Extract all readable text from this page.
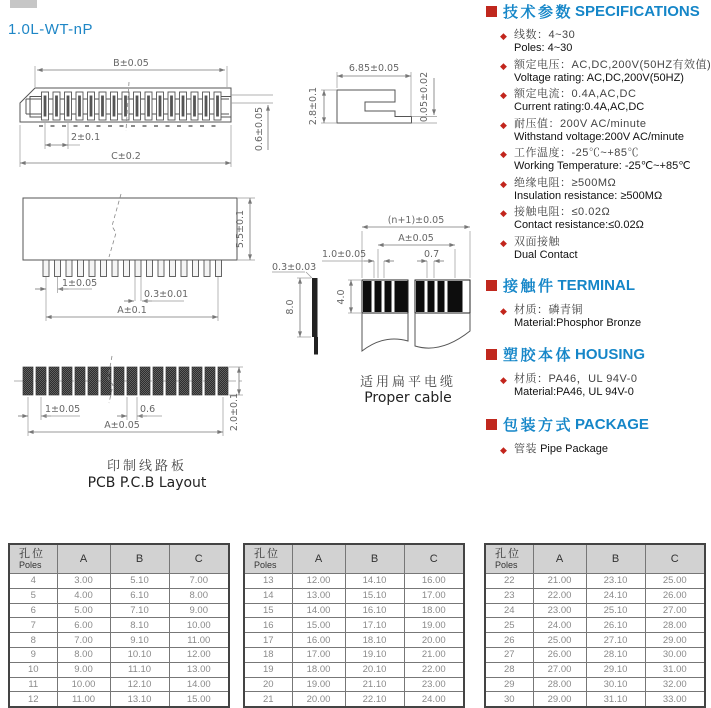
1.0L-WT-nP
B±0.05
0.6±0.05
2±0.1
C±0.2
6.85±0.05
2.8±0.1	0.05±0.02
5.5±0.1
1±0.05
0.3±0.01
A±0.1
0.3±0.03
8.0
(n+1)±0.05
A±0.05
1.0±0.05	0.7
4.0
适用扁平电缆
Proper cable
2.0±0.1
1±0.05	0.6
A±0.05
印制线路板
PCB P.C.B Layout
技术参数 SPECIFICATIONS
◆ 线数：4~30
Poles: 4~30
◆ 额定电压：AC,DC,200V(50HZ有效值)
Voltage rating: AC,DC,200V(50HZ)
◆ 额定电流：0.4A,AC,DC
Current rating:0.4A,AC,DC
◆ 耐压值：200V AC/minute
Withstand voltage:200V AC/minute
◆ 工作温度：-25℃~+85℃
Working Temperature: -25℃~+85℃
◆ 绝缘电阻：≥500MΩ
Insulation resistance: ≥500MΩ
◆ 接触电阻：≤0.02Ω
Contact resistance:≤0.02Ω
◆ 双面接触
Dual Contact
接触件 TERMINAL
◆ 材质：磷青铜
Material:Phosphor Bronze
塑胶本体 HOUSING
◆ 材质：PA46，UL 94V-0
Material:PA46, UL 94V-0
包装方式 PACKAGE
◆ 管装 Pipe Package
孔位
Poles	A	B	C
4	3.00	5.10	7.00
5	4.00	6.10	8.00
6	5.00	7.10	9.00
7	6.00	8.10	10.00
8	7.00	9.10	11.00
9	8.00	10.10	12.00
10	9.00	11.10	13.00
11	10.00	12.10	14.00
12	11.00	13.10	15.00
孔位
Poles	A	B	C
13	12.00	14.10	16.00
14	13.00	15.10	17.00
15	14.00	16.10	18.00
16	15.00	17.10	19.00
17	16.00	18.10	20.00
18	17.00	19.10	21.00
19	18.00	20.10	22.00
20	19.00	21.10	23.00
21	20.00	22.10	24.00
孔位
Poles	A	B	C
22	21.00	23.10	25.00
23	22.00	24.10	26.00
24	23.00	25.10	27.00
25	24.00	26.10	28.00
26	25.00	27.10	29.00
27	26.00	28.10	30.00
28	27.00	29.10	31.00
29	28.00	30.10	32.00
30	29.00	31.10	33.00
